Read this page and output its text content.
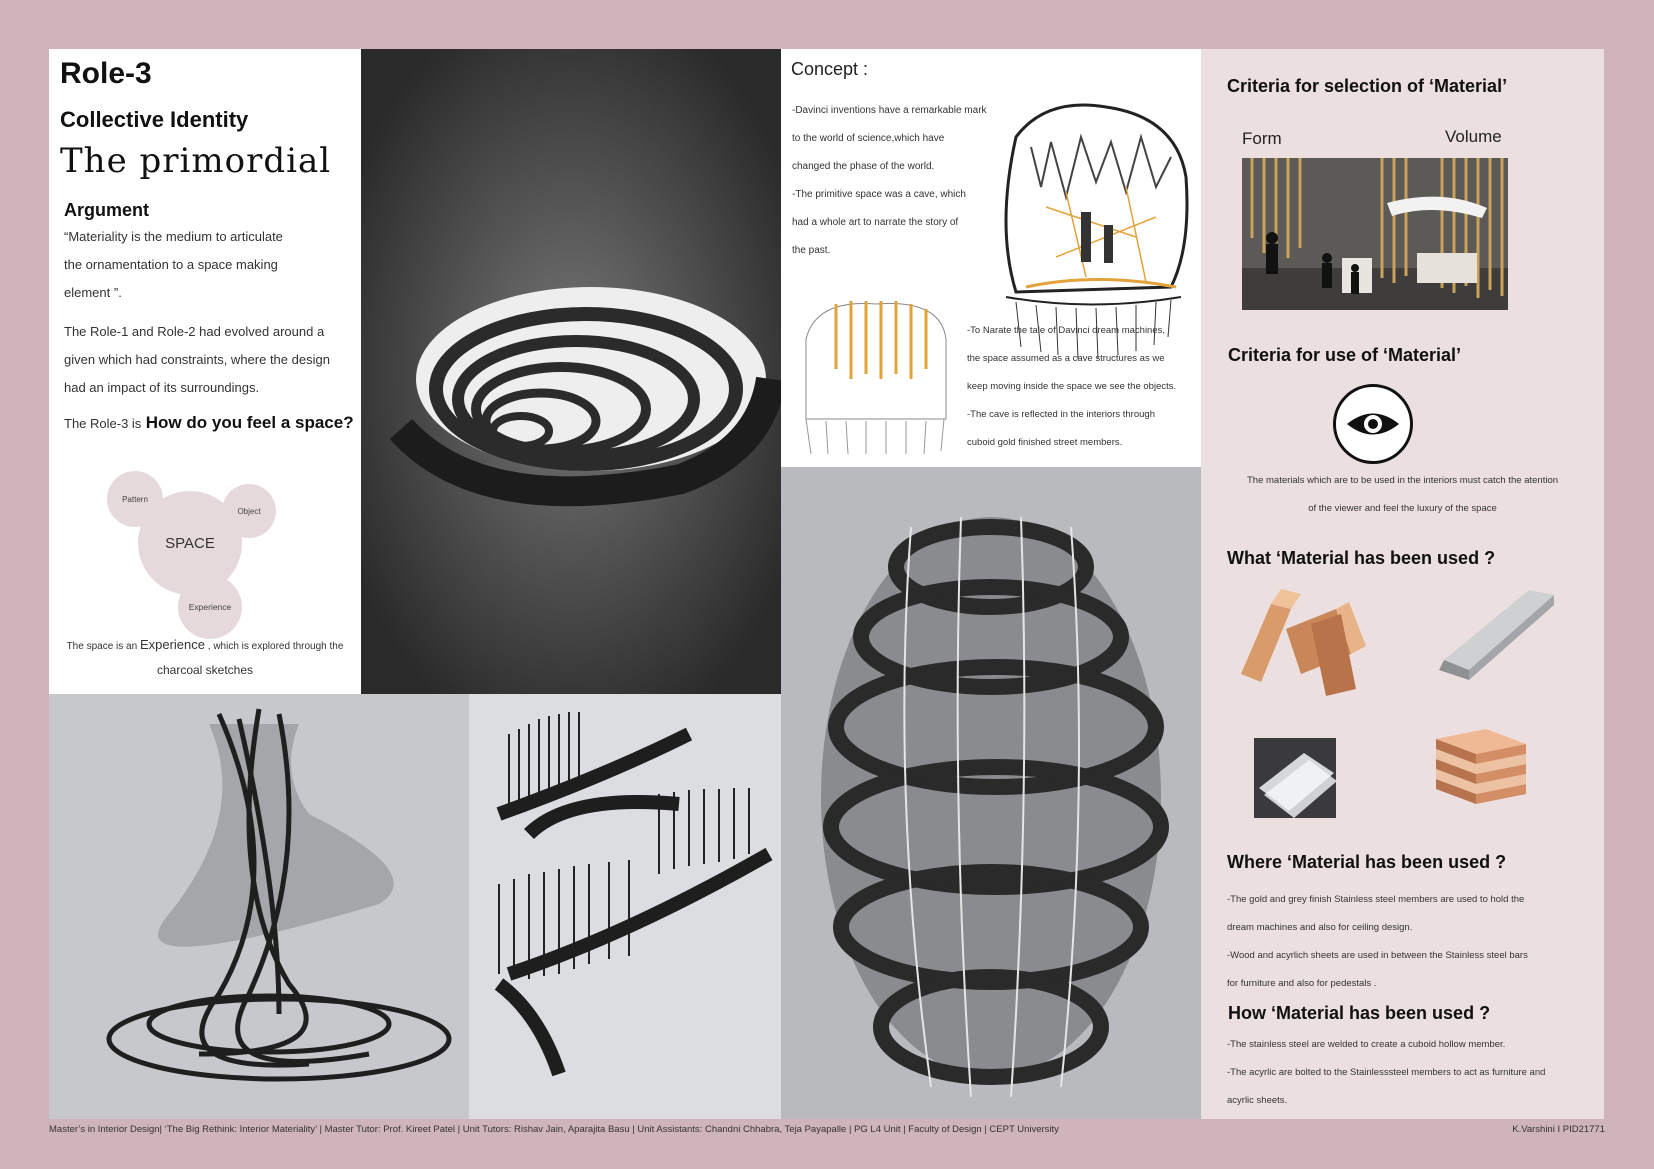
Role-3
Collective Identity
The primordial
Argument
“Materiality is the medium to articulate
the ornamentation to a space making
element ”.
The Role-1 and Role-2 had evolved around a
given which had constraints, where the design
had an impact of its surroundings.
The Role-3 is How do you feel a space?
Pattern
Object
SPACE
Experience
The space is an Experience , which is explored through the
charcoal sketches
Concept :
-Davinci inventions have a remarkable mark
to the world of science,which have
changed the phase of the world.
-The primitive space was a cave, which
had a whole art to narrate the story of
the past.
-To Narate the tale of Davinci dream machines,
the space assumed as a cave structures as we
keep moving inside the space we see the objects.
-The cave is reflected in the interiors through
cuboid gold finished street members.
Criteria for selection of ‘Material’
Form	Volume
Criteria for use of ‘Material’
The materials which are to be used in the interiors must catch the atention
of the viewer and feel the luxury of the space
What ‘Material has been used ?
Where ‘Material has been used ?
-The gold and grey finish Stainless steel members are used to hold the
dream machines and also for ceiling design.
-Wood and acyrlich sheets are used in between the Stainless steel bars
for furniture and also for pedestals .
How ‘Material has been used ?
-The stainless steel are welded to create a cuboid hollow member.
-The acyrlic are bolted to the Stainlesssteel members to act as furniture and
acyrlic sheets.
Master’s in Interior Design| ‘The Big Rethink: Interior Materiality’ | Master Tutor: Prof. Kireet Patel | Unit Tutors: Rishav Jain, Aparajita Basu | Unit Assistants: Chandni Chhabra, Teja Payapalle | PG L4 Unit | Faculty of Design | CEPT University	K.Varshini I PID21771
